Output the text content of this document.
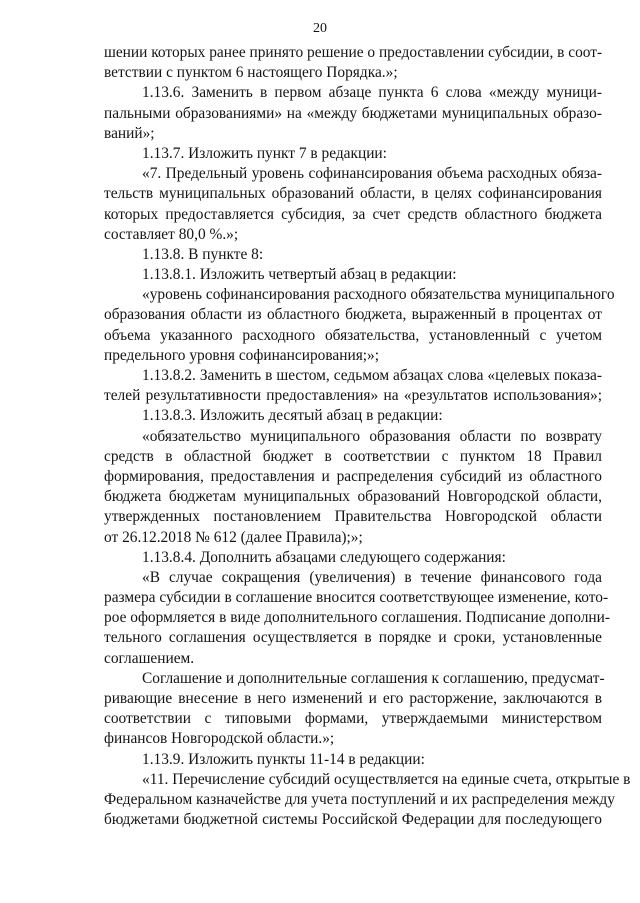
20
шении которых ранее принято решение о предоставлении субсидии, в соот-
ветствии с пунктом 6 настоящего Порядка.»;
1.13.6. Заменить в первом абзаце пункта 6 слова «между муници-
пальными образованиями» на «между бюджетами муниципальных образо-
ваний»;
1.13.7. Изложить пункт 7 в редакции:
«7. Предельный уровень софинансирования объема расходных обяза-
тельств муниципальных образований области, в целях софинансирования
которых предоставляется субсидия, за счет средств областного бюджета
составляет 80,0 %.»;
1.13.8. В пункте 8:
1.13.8.1. Изложить четвертый абзац в редакции:
«уровень софинансирования расходного обязательства муниципального
образования области из областного бюджета, выраженный в процентах от
объема указанного расходного обязательства, установленный с учетом
предельного уровня софинансирования;»;
1.13.8.2. Заменить в шестом, седьмом абзацах слова «целевых показа-
телей результативности предоставления» на «результатов использования»;
1.13.8.3. Изложить десятый абзац в редакции:
«обязательство муниципального образования области по возврату
средств в областной бюджет в соответствии с пунктом 18 Правил
формирования, предоставления и распределения субсидий из областного
бюджета бюджетам муниципальных образований Новгородской области,
утвержденных постановлением Правительства Новгородской области
от 26.12.2018 № 612 (далее Правила);»;
1.13.8.4. Дополнить абзацами следующего содержания:
«В случае сокращения (увеличения) в течение финансового года
размера субсидии в соглашение вносится соответствующее изменение, кото-
рое оформляется в виде дополнительного соглашения. Подписание дополни-
тельного соглашения осуществляется в порядке и сроки, установленные
соглашением.
Соглашение и дополнительные соглашения к соглашению, предусмат-
ривающие внесение в него изменений и его расторжение, заключаются в
соответствии с типовыми формами, утверждаемыми министерством
финансов Новгородской области.»;
1.13.9. Изложить пункты 11-14 в редакции:
«11. Перечисление субсидий осуществляется на единые счета, открытые в
Федеральном казначействе для учета поступлений и их распределения между
бюджетами бюджетной системы Российской Федерации для последующего
